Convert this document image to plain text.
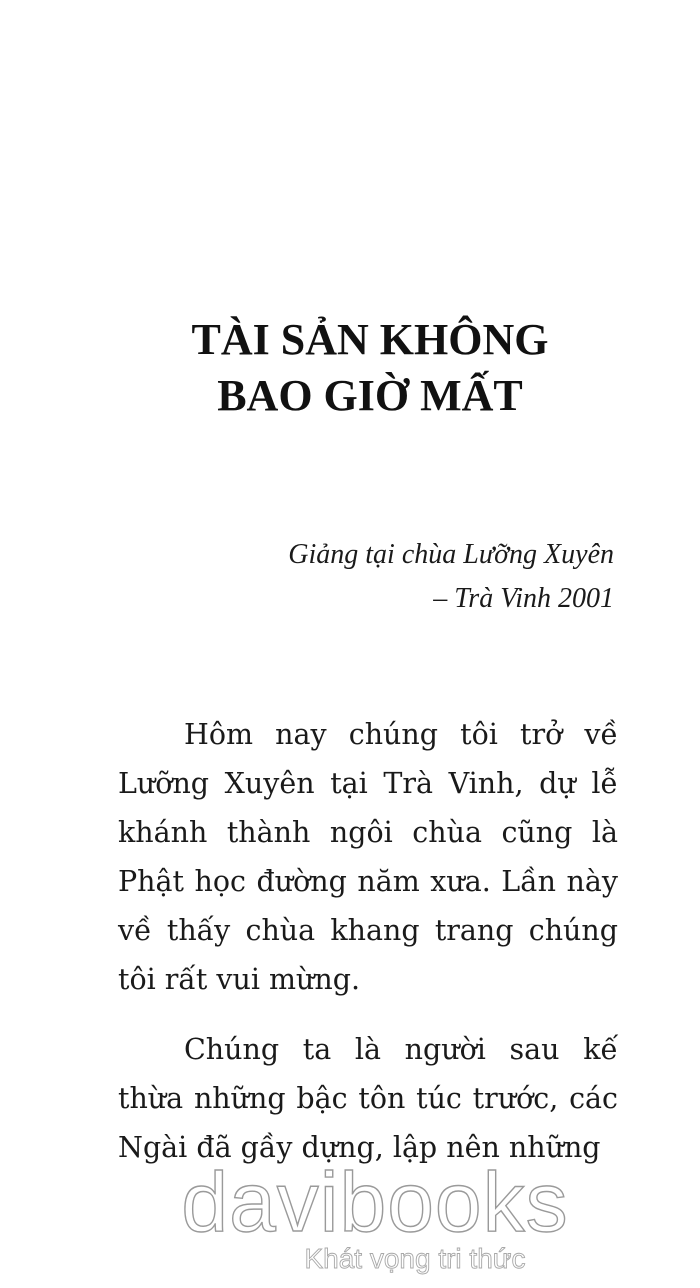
TÀI SẢN KHÔNG
BAO GIỜ MẤT

Giảng tại chùa Lưỡng Xuyên

– Trà Vinh 2001

Hôm nay chúng tôi trở về Lưỡng Xuyên tại Trà Vinh, dự lễ khánh thành ngôi chùa cũng là Phật học đường năm xưa. Lần này về thấy chùa khang trang chúng tôi rất vui mừng.

Chúng ta là người sau kế thừa những bậc tôn túc trước, các Ngài đã gầy dựng, lập nên những

davibooks
Khát vọng tri thức
